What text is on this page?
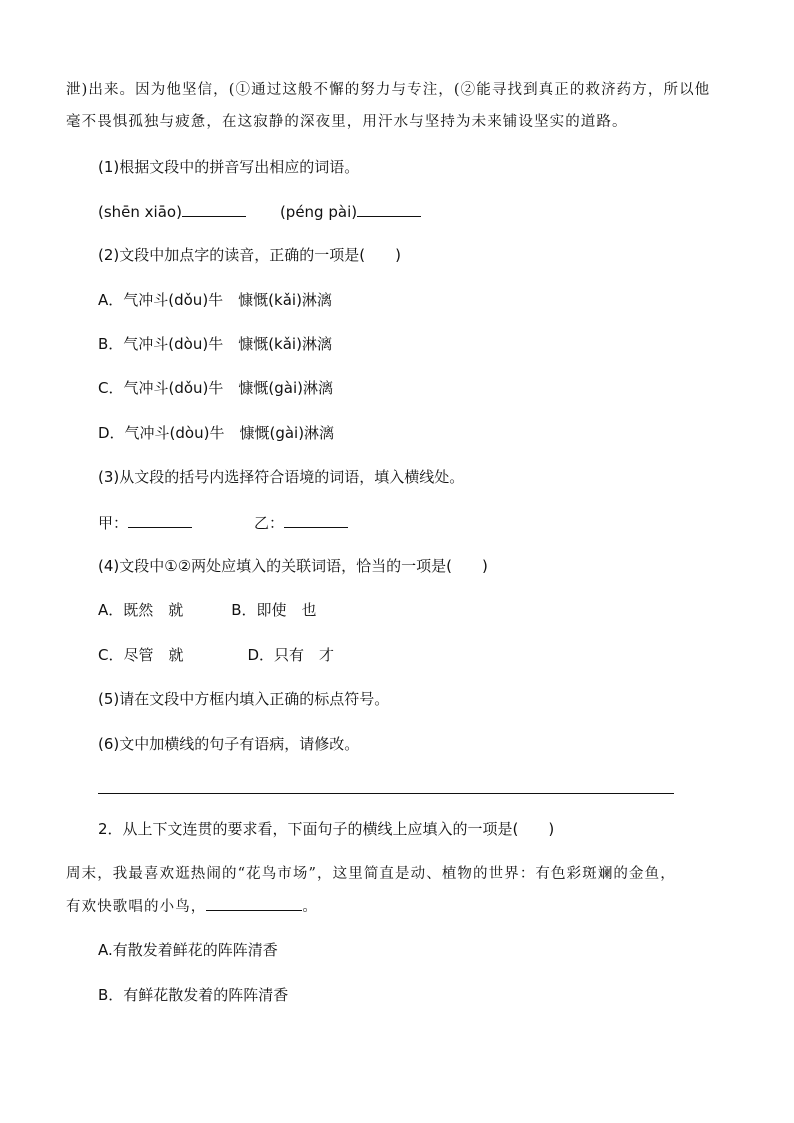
泄)出来。因为他坚信，(①通过这般不懈的努力与专注，(②能寻找到真正的救济药方，所以他
毫不畏惧孤独与疲惫，在这寂静的深夜里，用汗水与坚持为未来铺设坚实的道路。
(1)根据文段中的拼音写出相应的词语。
(shēn xiāo)	(péng pài)
(2)文段中加点字的读音，正确的一项是(　　)
A．气冲斗(dǒu)牛　慷慨(kǎi)淋漓
B．气冲斗(dòu)牛　慷慨(kǎi)淋漓
C．气冲斗(dǒu)牛　慷慨(gài)淋漓
D．气冲斗(dòu)牛　慷慨(gài)淋漓
(3)从文段的括号内选择符合语境的词语，填入横线处。
甲：	乙：
(4)文段中①②两处应填入的关联词语，恰当的一项是(　　)
A．既然　就	B．即使　也
C．尽管　就	D．只有　才
(5)请在文段中方框内填入正确的标点符号。
(6)文中加横线的句子有语病，请修改。
2．从上下文连贯的要求看，下面句子的横线上应填入的一项是(　　)
周末，我最喜欢逛热闹的“花鸟市场”，这里简直是动、植物的世界：有色彩斑斓的金鱼，
有欢快歌唱的小鸟，	。
A.有散发着鲜花的阵阵清香
B．有鲜花散发着的阵阵清香
